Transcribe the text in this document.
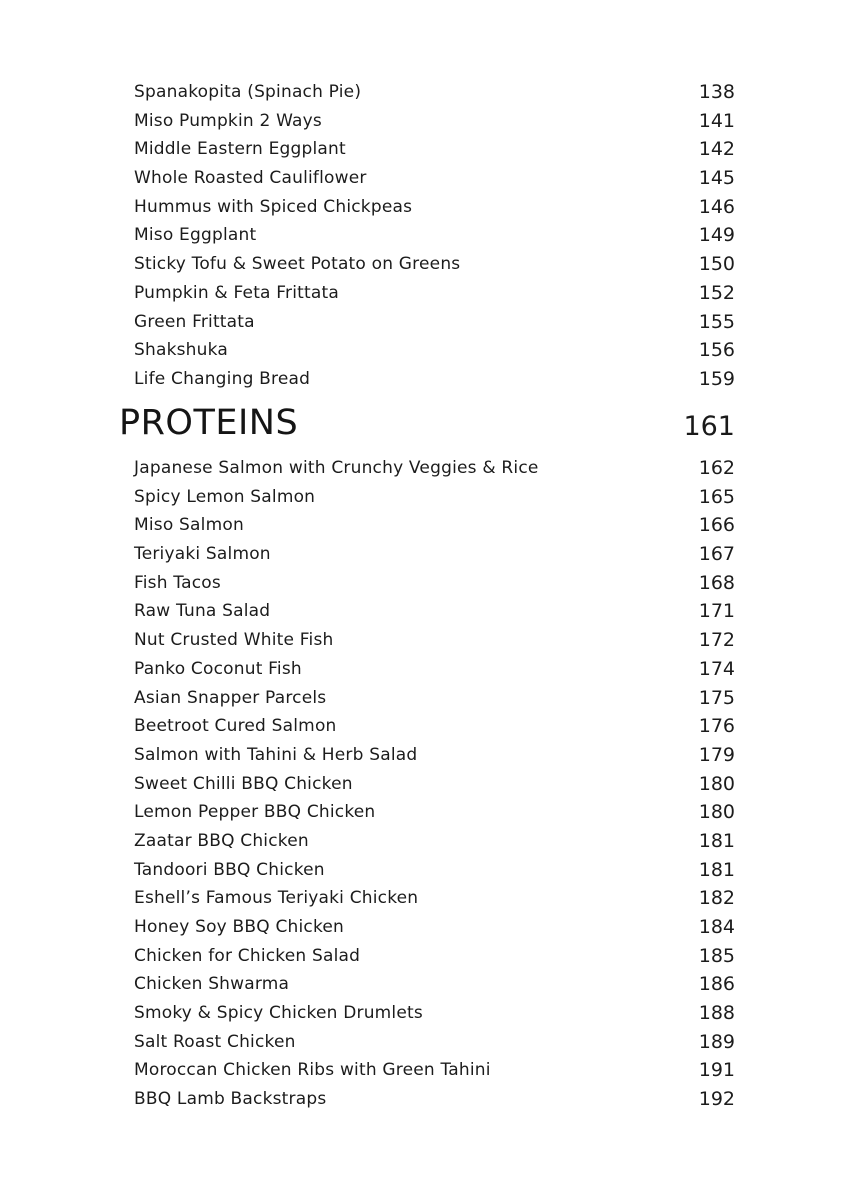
Spanakopita (Spinach Pie)	138
Miso Pumpkin 2 Ways	141
Middle Eastern Eggplant	142
Whole Roasted Cauliflower	145
Hummus with Spiced Chickpeas	146
Miso Eggplant	149
Sticky Tofu & Sweet Potato on Greens	150
Pumpkin & Feta Frittata	152
Green Frittata	155
Shakshuka	156
Life Changing Bread	159
PROTEINS	161
Japanese Salmon with Crunchy Veggies & Rice	162
Spicy Lemon Salmon	165
Miso Salmon	166
Teriyaki Salmon	167
Fish Tacos	168
Raw Tuna Salad	171
Nut Crusted White Fish	172
Panko Coconut Fish	174
Asian Snapper Parcels	175
Beetroot Cured Salmon	176
Salmon with Tahini & Herb Salad	179
Sweet Chilli BBQ Chicken	180
Lemon Pepper BBQ Chicken	180
Zaatar BBQ Chicken	181
Tandoori BBQ Chicken	181
Eshell’s Famous Teriyaki Chicken	182
Honey Soy BBQ Chicken	184
Chicken for Chicken Salad	185
Chicken Shwarma	186
Smoky & Spicy Chicken Drumlets	188
Salt Roast Chicken	189
Moroccan Chicken Ribs with Green Tahini	191
BBQ Lamb Backstraps	192
